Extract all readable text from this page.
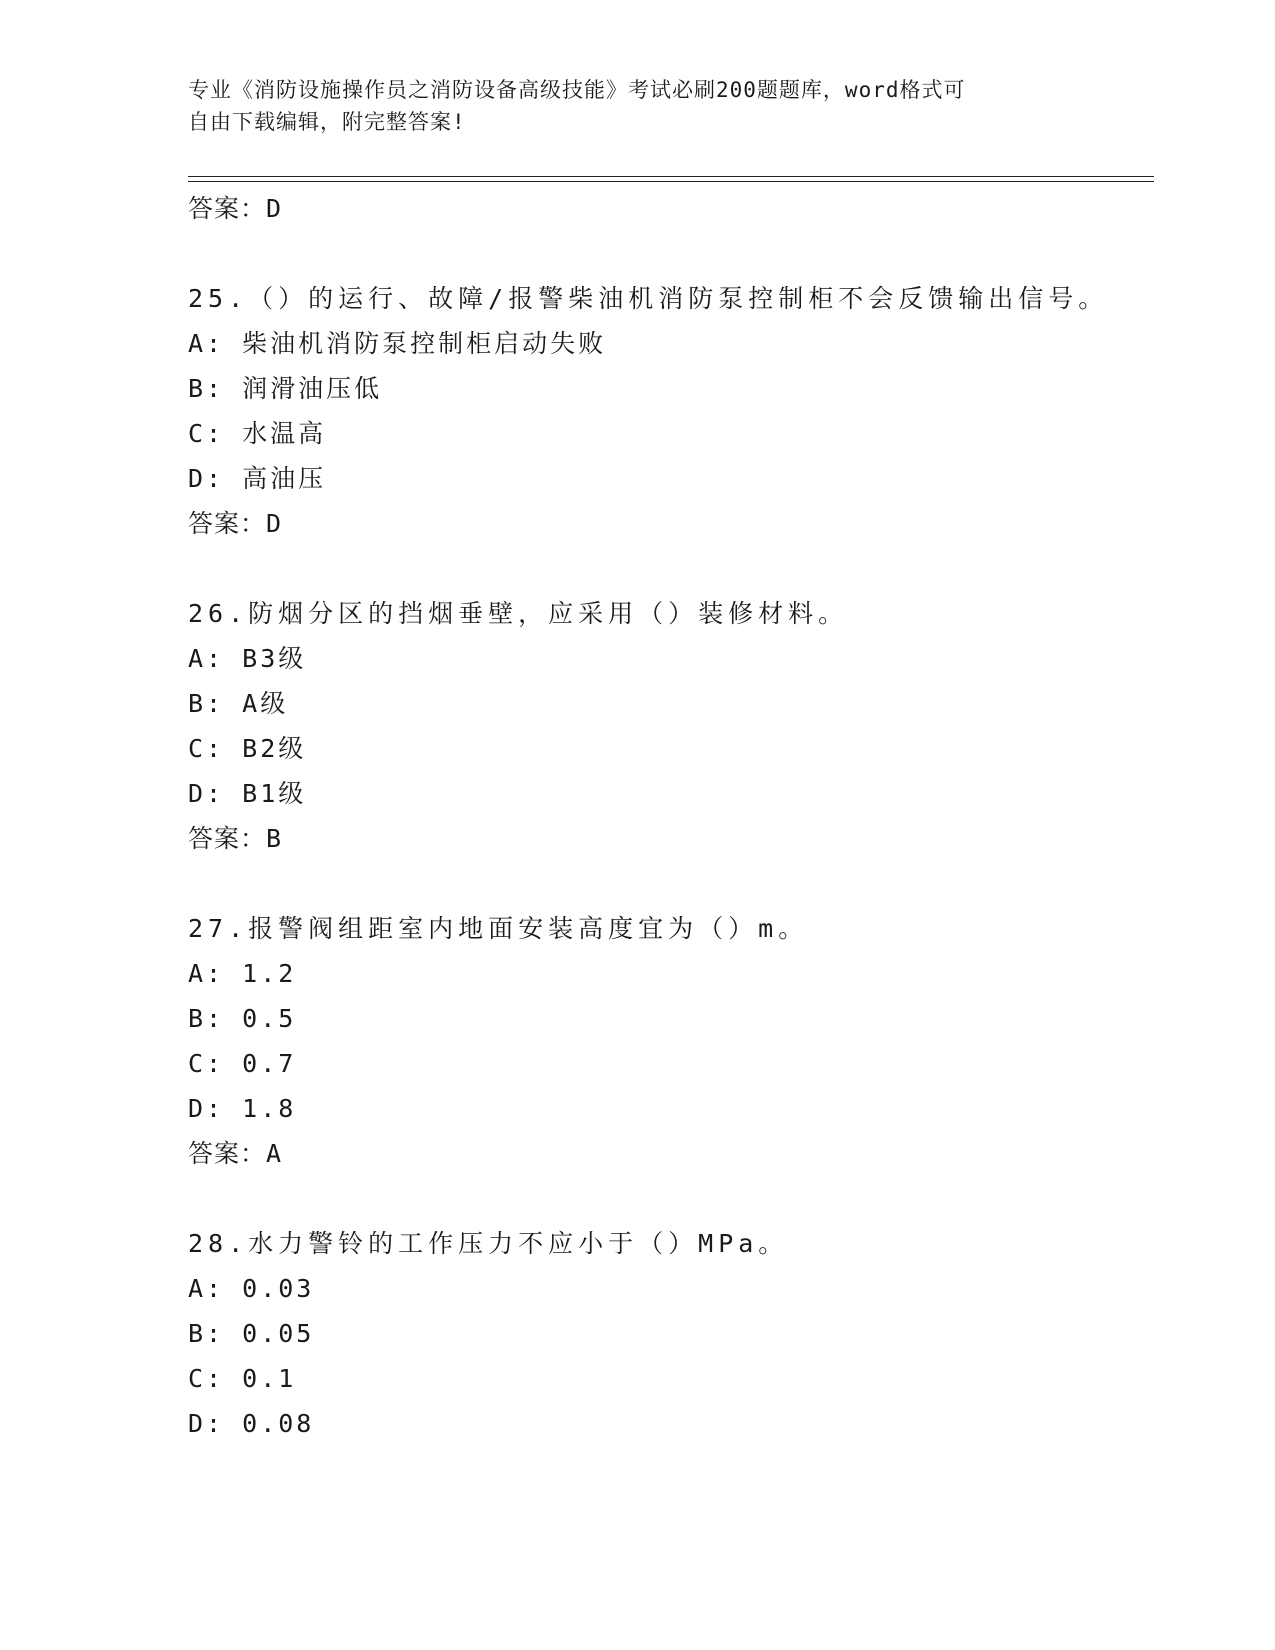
专业《消防设施操作员之消防设备高级技能》考试必刷200题题库，word格式可
自由下载编辑，附完整答案!
答案：D
25.（）的运行、故障/报警柴油机消防泵控制柜不会反馈输出信号。
A: 柴油机消防泵控制柜启动失败
B: 润滑油压低
C: 水温高
D: 高油压
答案：D
26.防烟分区的挡烟垂壁，应采用（）装修材料。
A: B3级
B: A级
C: B2级
D: B1级
答案：B
27.报警阀组距室内地面安装高度宜为（）m。
A: 1.2
B: 0.5
C: 0.7
D: 1.8
答案：A
28.水力警铃的工作压力不应小于（）MPa。
A: 0.03
B: 0.05
C: 0.1
D: 0.08
